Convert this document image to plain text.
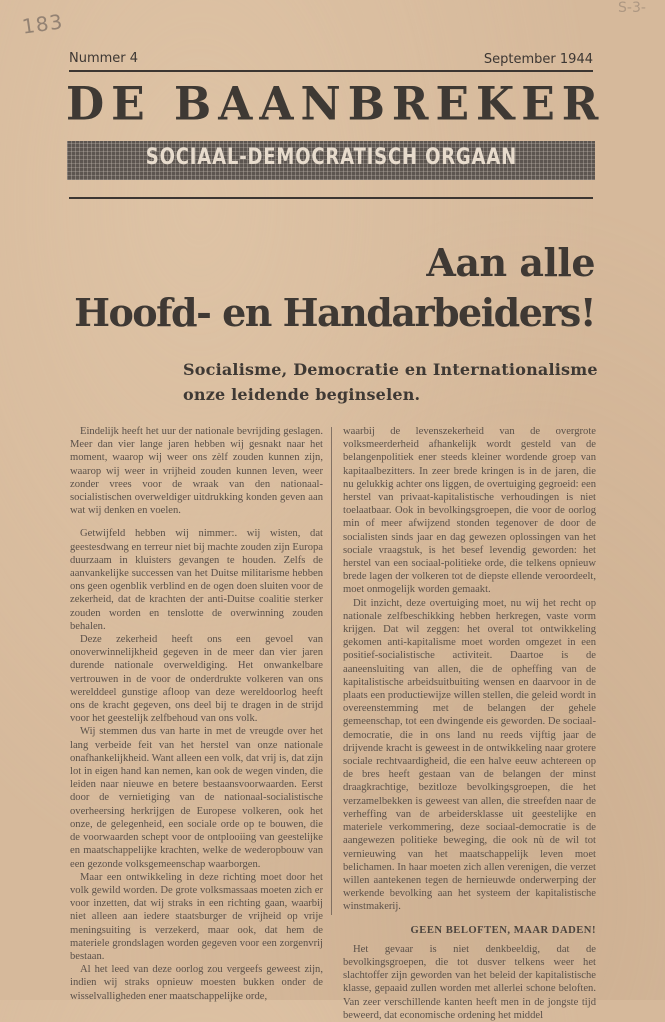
183
S-3-
Nummer 4	September 1944
DE BAANBREKER
SOCIAAL-DEMOCRATISCH ORGAAN
Aan alle
Hoofd- en Handarbeiders!
Socialisme, Democratie en Internationalisme
onze leidende beginselen.

Eindelijk heeft het uur der nationale bevrijding geslagen. Meer dan vier lange jaren hebben wij gesnakt naar het moment, waarop wij weer ons zèlf zouden kunnen zijn, waarop wij weer in vrijheid zouden kunnen leven, weer zonder vrees voor de wraak van den nationaal-socialistischen overweldiger uitdrukking konden geven aan wat wij denken en voelen.

Getwijfeld hebben wij nimmer:. wij wisten, dat geestesdwang en terreur niet bij machte zouden zijn Europa duurzaam in kluisters gevangen te houden. Zelfs de aanvankelijke successen van het Duitse militarisme hebben ons geen ogenblik verblind en de ogen doen sluiten voor de zekerheid, dat de krachten der anti-Duitse coalitie sterker zouden worden en tenslotte de overwinning zouden behalen.

Deze zekerheid heeft ons een gevoel van onoverwinnelijkheid gegeven in de meer dan vier jaren durende nationale overweldiging. Het onwankelbare vertrouwen in de voor de onderdrukte volkeren van ons werelddeel gunstige afloop van deze wereldoorlog heeft ons de kracht gegeven, ons deel bij te dragen in de strijd voor het geestelijk zelfbehoud van ons volk.

Wij stemmen dus van harte in met de vreugde over het lang verbeide feit van het herstel van onze nationale onafhankelijkheid. Want alleen een volk, dat vrij is, dat zijn lot in eigen hand kan nemen, kan ook de wegen vinden, die leiden naar nieuwe en betere bestaansvoorwaarden. Eerst door de vernietiging van de nationaal-socialistische overheersing herkrijgen de Europese volkeren, ook het onze, de gelegenheid, een sociale orde op te bouwen, die de voorwaarden schept voor de ontplooiing van geestelijke en maatschappelijke krachten, welke de wederopbouw van een gezonde volksgemeenschap waarborgen.

Maar een ontwikkeling in deze richting moet door het volk gewild worden. De grote volksmassaas moeten zich er voor inzetten, dat wij straks in een richting gaan, waarbij niet alleen aan iedere staatsburger de vrijheid op vrije meningsuiting is verzekerd, maar ook, dat hem de materiele grondslagen worden gegeven voor een zorgenvrij bestaan.

Al het leed van deze oorlog zou vergeefs geweest zijn, indien wij straks opnieuw moesten bukken onder de wisselvalligheden ener maatschappelijke orde,

waarbij de levenszekerheid van de overgrote volksmeerderheid afhankelijk wordt gesteld van de belangenpolitiek ener steeds kleiner wordende groep van kapitaalbezitters. In zeer brede kringen is in de jaren, die nu gelukkig achter ons liggen, de overtuiging gegroeid: een herstel van privaat-kapitalistische verhoudingen is niet toelaatbaar. Ook in bevolkingsgroepen, die voor de oorlog min of meer afwijzend stonden tegenover de door de socialisten sinds jaar en dag gewezen oplossingen van het sociale vraagstuk, is het besef levendig geworden: het herstel van een sociaal-politieke orde, die telkens opnieuw brede lagen der volkeren tot de diepste ellende veroordeelt, moet onmogelijk worden gemaakt.

Dit inzicht, deze overtuiging moet, nu wij het recht op nationale zelfbeschikking hebben herkregen, vaste vorm krijgen. Dat wil zeggen: het overal tot ontwikkeling gekomen anti-kapitalisme moet worden omgezet in een positief-socialistische activiteit. Daartoe is de aaneensluiting van allen, die de opheffing van de kapitalistische arbeidsuitbuiting wensen en daarvoor in de plaats een productiewijze willen stellen, die geleid wordt in overeenstemming met de belangen der gehele gemeenschap, tot een dwingende eis geworden. De sociaal-democratie, die in ons land nu reeds vijftig jaar de drijvende kracht is geweest in de ontwikkeling naar grotere sociale rechtvaardigheid, die een halve eeuw achtereen op de bres heeft gestaan van de belangen der minst draagkrachtige, bezitloze bevolkingsgroepen, die het verzamelbekken is geweest van allen, die streefden naar de verheffing van de arbeidersklasse uit geestelijke en materiele verkommering, deze sociaal-democratie is de aangewezen politieke beweging, die ook nù de wil tot vernieuwing van het maatschappelijk leven moet belichamen. In haar moeten zich allen verenigen, die verzet willen aantekenen tegen de hernieuwde onderwerping der werkende bevolking aan het systeem der kapitalistische winstmakerij.

GEEN BELOFTEN, MAAR DADEN!

Het gevaar is niet denkbeeldig, dat de bevolkingsgroepen, die tot dusver telkens weer het slachtoffer zijn geworden van het beleid der kapitalistische klasse, gepaaid zullen worden met allerlei schone beloften. Van zeer verschillende kanten heeft men in de jongste tijd beweerd, dat economische ordening het middel
